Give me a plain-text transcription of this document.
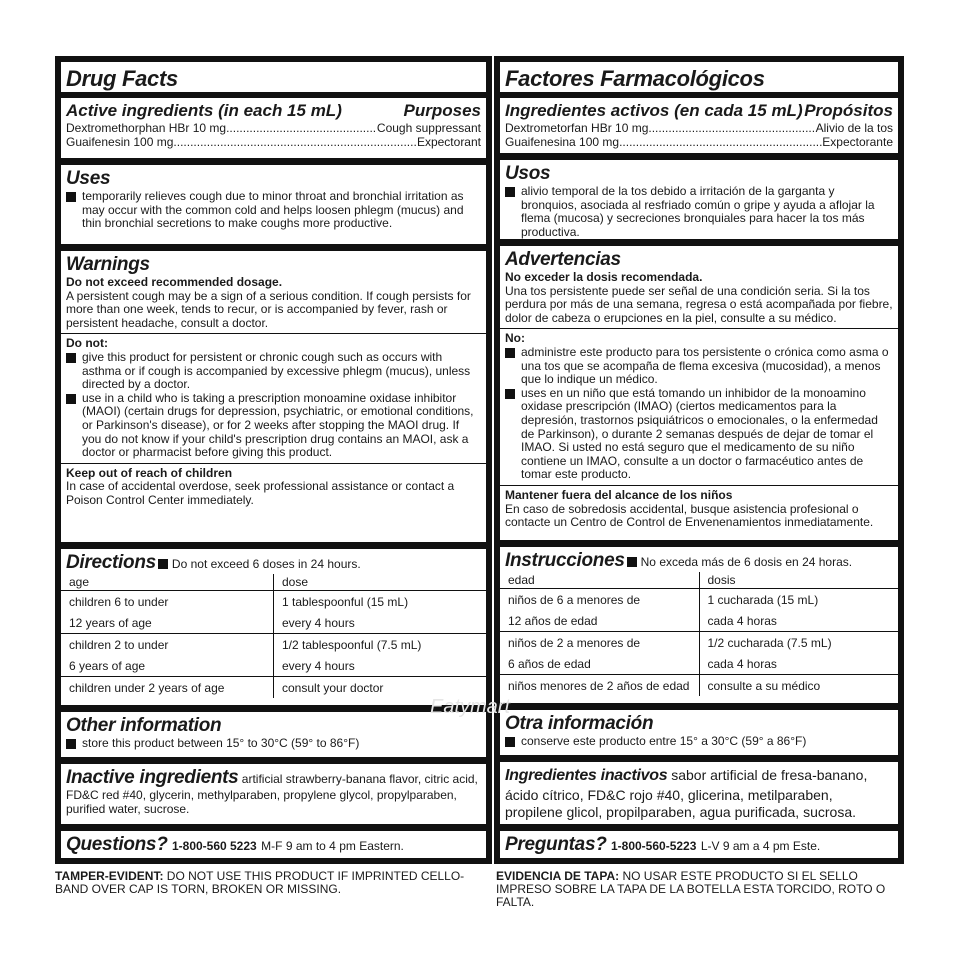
Drug Facts
Active ingredients (in each 15 mL)	Purposes
Dextromethorphan HBr 10 mg .....	Cough suppressant
Guaifenesin 100 mg .....	Expectorant
Uses
temporarily relieves cough due to minor throat and bronchial irritation as may occur with the common cold and helps loosen phlegm (mucus) and thin bronchial secretions to make coughs more productive.
Warnings
Do not exceed recommended dosage.
A persistent cough may be a sign of a serious condition. If cough persists for more than one week, tends to recur, or is accompanied by fever, rash or persistent headache, consult a doctor.
Do not:
give this product for persistent or chronic cough such as occurs with asthma or if cough is accompanied by excessive phlegm (mucus), unless directed by a doctor.
use in a child who is taking a prescription monoamine oxidase inhibitor (MAOI) (certain drugs for depression, psychiatric, or emotional conditions, or Parkinson's disease), or for 2 weeks after stopping the MAOI drug. If you do not know if your child's prescription drug contains an MAOI, ask a doctor or pharmacist before giving this product.
Keep out of reach of children
In case of accidental overdose, seek professional assistance or contact a Poison Control Center immediately.
Directions Do not exceed 6 doses in 24 hours.
age	dose
children 6 to under	1 tablespoonful (15 mL)
12 years of age	every 4 hours
children 2 to under	1/2 tablespoonful (7.5 mL)
6 years of age	every 4 hours
children under 2 years of age	consult your doctor
Other information
store this product between 15° to 30°C (59° to 86°F)
Inactive ingredients artificial strawberry-banana flavor, citric acid, FD&C red #40, glycerin, methylparaben, propylene glycol, propylparaben, purified water, sucrose.
Questions? 1-800-560 5223 M-F 9 am to 4 pm Eastern.
Factores Farmacológicos
Ingredientes activos (en cada 15 mL) Propósitos
Dextrometorfan HBr 10 mg .....	Alivio de la tos
Guaifenesina 100 mg .....	Expectorante
Usos
alivio temporal de la tos debido a irritación de la garganta y bronquios, asociada al resfriado común o gripe y ayuda a aflojar la flema (mucosa) y secreciones bronquiales para hacer la tos más productiva.
Advertencias
No exceder la dosis recomendada.
Una tos persistente puede ser señal de una condición seria. Si la tos perdura por más de una semana, regresa o está acompañada por fiebre, dolor de cabeza o erupciones en la piel, consulte a su médico.
No:
administre este producto para tos persistente o crónica como asma o una tos que se acompaña de flema excesiva (mucosidad), a menos que lo indique un médico.
uses en un niño que está tomando un inhibidor de la monoamino oxidase prescripción (IMAO) (ciertos medicamentos para la depresión, trastornos psiquiátricos o emocionales, o la enfermedad de Parkinson), o durante 2 semanas después de dejar de tomar el IMAO. Si usted no está seguro que el medicamento de su niño contiene un IMAO, consulte a un doctor o farmacéutico antes de tomar este producto.
Mantener fuera del alcance de los niños
En caso de sobredosis accidental, busque asistencia profesional o contacte un Centro de Control de Envenenamientos inmediatamente.
Instrucciones No exceda más de 6 dosis en 24 horas.
edad	dosis
niños de 6 a menores de	1 cucharada (15 mL)
12 años de edad	cada 4 horas
niños de 2 a menores de	1/2 cucharada (7.5 mL)
6 años de edad	cada 4 horas
niños menores de 2 años de edad	consulte a su médico
Otra información
conserve este producto entre 15° a 30°C (59° a 86°F)
Ingredientes inactivos sabor artificial de fresa-banano, ácido cítrico, FD&C rojo #40, glicerina, metilparaben, propilene glicol, propilparaben, agua purificada, sucrosa.
Preguntas? 1-800-560-5223 L-V 9 am a 4 pm Este.
Eatymart
TAMPER-EVIDENT: DO NOT USE THIS PRODUCT IF IMPRINTED CELLO-BAND OVER CAP IS TORN, BROKEN OR MISSING.
EVIDENCIA DE TAPA: NO USAR ESTE PRODUCTO SI EL SELLO IMPRESO SOBRE LA TAPA DE LA BOTELLA ESTA TORCIDO, ROTO O FALTA.
